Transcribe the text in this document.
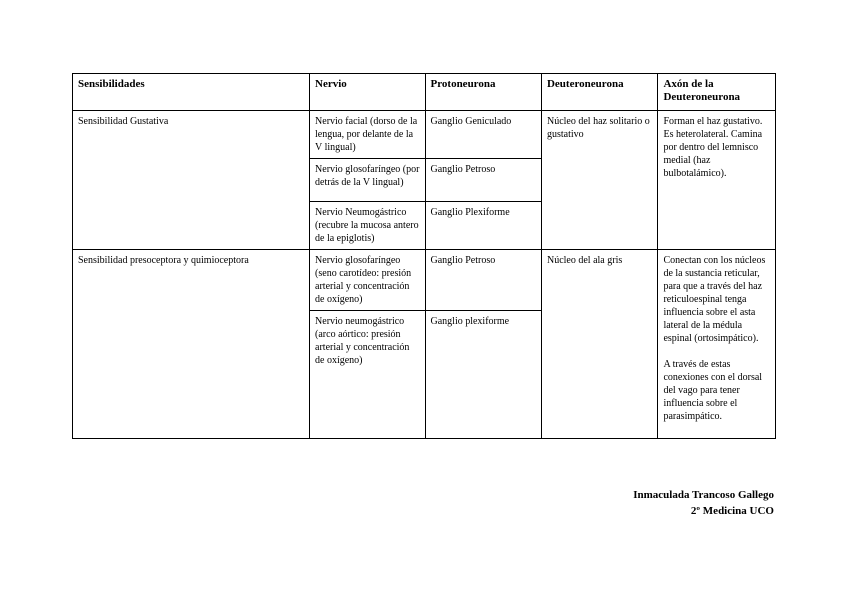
Sensibilidades	Nervio	Protoneurona	Deuteroneurona	Axón de la Deuteroneurona
Sensibilidad Gustativa	Nervio facial (dorso de la lengua, por delante de la V lingual)	Ganglio Geniculado	Núcleo del haz solitario o gustativo	Forman el haz gustativo. Es heterolateral. Camina por dentro del lemnisco medial (haz bulbotalámico).

	Nervio glosofaríngeo (por detrás de la V lingual)	Ganglio Petroso		
	Nervio Neumogástrico (recubre la mucosa antero de la epiglotis)	Ganglio Plexiforme		
Sensibilidad presoceptora y quimioceptora	Nervio glosofaríngeo (seno carotídeo: presión arterial y concentración de oxígeno)	Ganglio Petroso	Núcleo del ala gris	Conectan con los núcleos de la sustancia reticular, para que a través del haz reticuloespinal tenga influencia sobre el asta lateral de la médula espinal (ortosimpático).

A través de estas conexiones con el dorsal del vago para tener influencia sobre el parasimpático.

	Nervio neumogástrico (arco aórtico: presión arterial y concentración de oxígeno)	Ganglio plexiforme		
Inmaculada Trancoso Gallego
2º Medicina UCO
